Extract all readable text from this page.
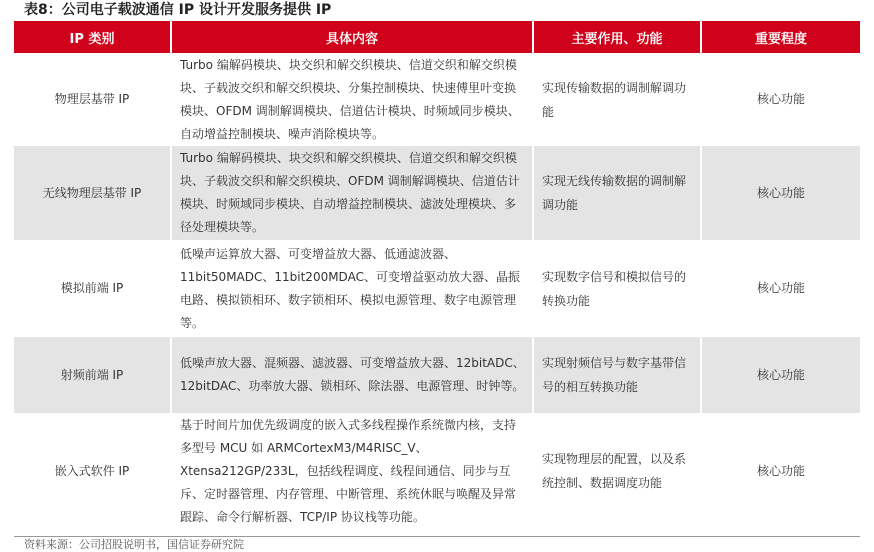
表8：公司电子载波通信 IP 设计开发服务提供 IP
IP 类别	具体内容	主要作用、功能	重要程度
物理层基带 IP	Turbo 编解码模块、块交织和解交织模块、信道交织和解交织模块、子载波交织和解交织模块、分集控制模块、快速傅里叶变换模块、OFDM 调制解调模块、信道估计模块、时频域同步模块、自动增益控制模块、噪声消除模块等。	实现传输数据的调制解调功能	核心功能
无线物理层基带 IP	Turbo 编解码模块、块交织和解交织模块、信道交织和解交织模块、子载波交织和解交织模块、OFDM 调制解调模块、信道估计模块、时频域同步模块、自动增益控制模块、滤波处理模块、多径处理模块等。	实现无线传输数据的调制解调功能	核心功能
模拟前端 IP	低噪声运算放大器、可变增益放大器、低通滤波器、11bit50MADC、11bit200MDAC、可变增益驱动放大器、晶振电路、模拟锁相环、数字锁相环、模拟电源管理、数字电源管理等。	实现数字信号和模拟信号的转换功能	核心功能
射频前端 IP	低噪声放大器、混频器、滤波器、可变增益放大器、12bitADC、12bitDAC、功率放大器、锁相环、除法器、电源管理、时钟等。	实现射频信号与数字基带信号的相互转换功能	核心功能
嵌入式软件 IP	基于时间片加优先级调度的嵌入式多线程操作系统微内核，支持多型号 MCU 如 ARMCortexM3/M4RISC_V、Xtensa212GP/233L，包括线程调度、线程间通信、同步与互斥、定时器管理、内存管理、中断管理、系统休眠与唤醒及异常跟踪、命令行解析器、TCP/IP 协议栈等功能。	实现物理层的配置，以及系统控制、数据调度功能	核心功能
资料来源：公司招股说明书，国信证券研究院
